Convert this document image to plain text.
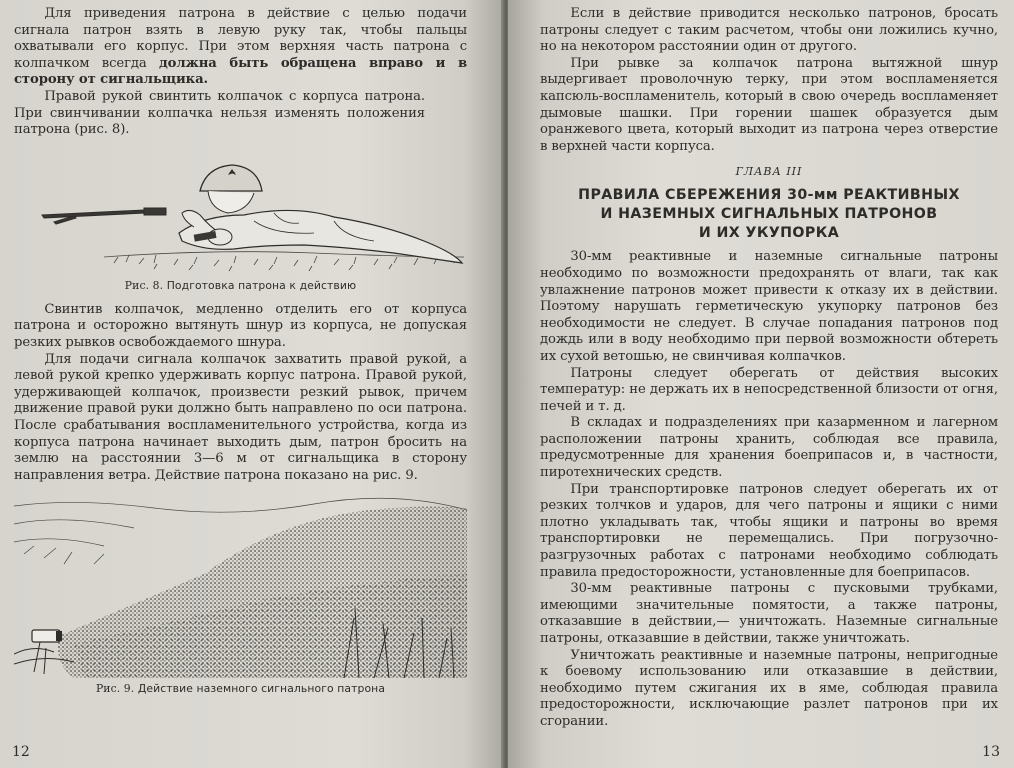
Для приведения патрона в действие с целью подачи сигнала патрон взять в левую руку так, чтобы пальцы охватывали его корпус. При этом верхняя часть патрона с колпачком всегда должна быть обращена вправо и в сторону от сигнальщика.

Правой рукой свинтить колпачок с корпуса патрона. При свинчивании колпачка нельзя изменять положения патрона (рис. 8).

Рис. 8. Подготовка патрона к действию

Свинтив колпачок, медленно отделить его от корпуса патрона и осторожно вытянуть шнур из корпуса, не допуская резких рывков освобождаемого шнура.

Для подачи сигнала колпачок захватить правой рукой, а левой рукой крепко удерживать корпус патрона. Правой рукой, удерживающей колпачок, произвести резкий рывок, причем движение правой руки должно быть направлено по оси патрона. После срабатывания воспламенительного устройства, когда из корпуса патрона начинает выходить дым, патрон бросить на землю на расстоянии 3—6 м от сигнальщика в сторону направления ветра. Действие патрона показано на рис. 9.

Рис. 9. Действие наземного сигнального патрона
12

Если в действие приводится несколько патронов, бросать патроны следует с таким расчетом, чтобы они ложились кучно, но на некотором расстоянии один от другого.

При рывке за колпачок патрона вытяжной шнур выдергивает проволочную терку, при этом воспламеняется капсюль-воспламенитель, который в свою очередь воспламеняет дымовые шашки. При горении шашек образуется дым оранжевого цвета, который выходит из патрона через отверстие в верхней части корпуса.

ГЛАВА III
ПРАВИЛА СБЕРЕЖЕНИЯ 30-мм РЕАКТИВНЫХ
И НАЗЕМНЫХ СИГНАЛЬНЫХ ПАТРОНОВ
И ИХ УКУПОРКА

30-мм реактивные и наземные сигнальные патроны необходимо по возможности предохранять от влаги, так как увлажнение патронов может привести к отказу их в действии. Поэтому нарушать герметическую укупорку патронов без необходимости не следует. В случае попадания патронов под дождь или в воду необходимо при первой возможности обтереть их сухой ветошью, не свинчивая колпачков.

Патроны следует оберегать от действия высоких температур: не держать их в непосредственной близости от огня, печей и т. д.

В складах и подразделениях при казарменном и лагерном расположении патроны хранить, соблюдая все правила, предусмотренные для хранения боеприпасов и, в частности, пиротехнических средств.

При транспортировке патронов следует оберегать их от резких толчков и ударов, для чего патроны и ящики с ними плотно укладывать так, чтобы ящики и патроны во время транспортировки не перемещались. При погрузочно-разгрузочных работах с патронами необходимо соблюдать правила предосторожности, установленные для боеприпасов.

30-мм реактивные патроны с пусковыми трубками, имеющими значительные помятости, а также патроны, отказавшие в действии,— уничтожать. Наземные сигнальные патроны, отказавшие в действии, также уничтожать.

Уничтожать реактивные и наземные патроны, непригодные к боевому использованию или отказавшие в действии, необходимо путем сжигания их в яме, соблюдая правила предосторожности, исключающие разлет патронов при их сгорании.

13
